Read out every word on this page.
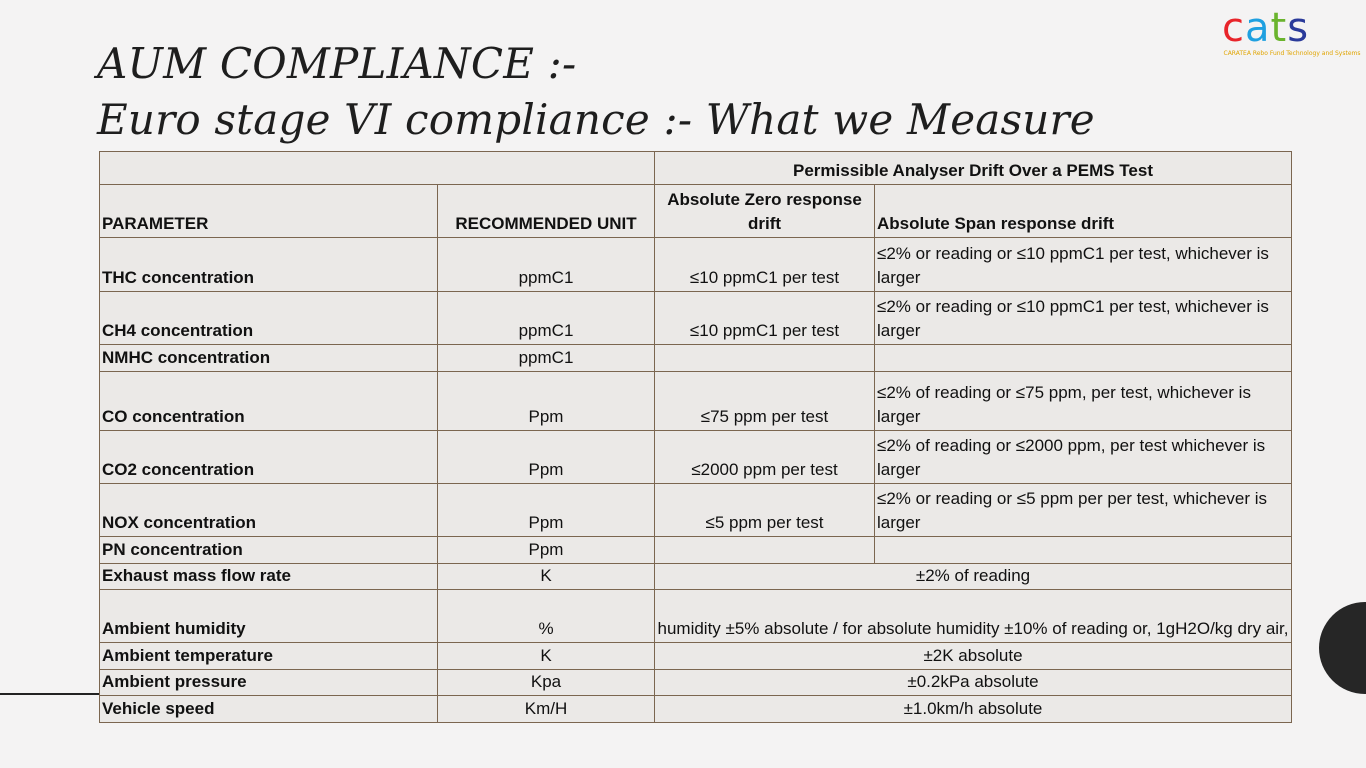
AUM COMPLIANCE :-
Euro stage VI compliance :- What we Measure
cats
CARATEA Rebo Fund Technology and Systems
		Permissible Analyser Drift Over a PEMS Test	
PARAMETER	RECOMMENDED UNIT	Absolute Zero response drift	Absolute Span response drift
THC concentration	ppmC1	≤10 ppmC1 per test	≤2% or reading or ≤10 ppmC1 per test, whichever is larger
CH4 concentration	ppmC1	≤10 ppmC1 per test	≤2% or reading or ≤10 ppmC1 per test, whichever is larger
NMHC concentration	ppmC1		
CO concentration	Ppm	≤75 ppm per test	≤2% of reading or ≤75 ppm, per test, whichever is larger
CO2 concentration	Ppm	≤2000 ppm per test	≤2% of reading or ≤2000 ppm, per test whichever is larger
NOX concentration	Ppm	≤5 ppm per test	≤2% or reading or ≤5 ppm per per test, whichever is larger
PN concentration	Ppm		
Exhaust mass flow rate	K	±2% of reading	
Ambient humidity	%	humidity ±5% absolute / for absolute humidity ±10% of reading or, 1gH2O/kg dry air,	
Ambient temperature	K	±2K absolute	
Ambient pressure	Kpa	±0.2kPa absolute	
Vehicle speed	Km/H	±1.0km/h absolute	
